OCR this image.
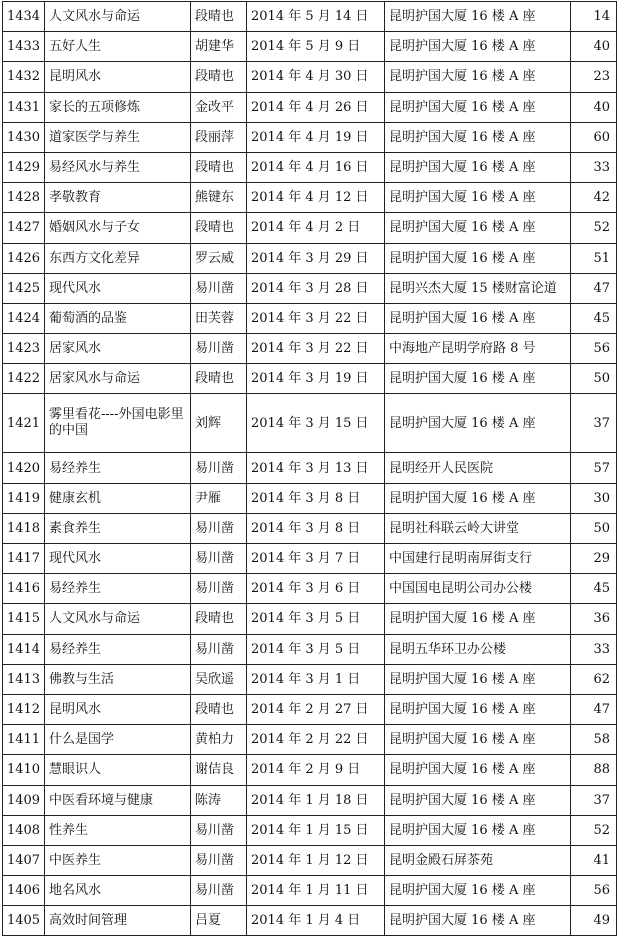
1434	人文风水与命运	段晴也	2014 年 5 月 14 日	昆明护国大厦 16 楼 A 座	14
1433	五好人生	胡建华	2014 年 5 月 9 日	昆明护国大厦 16 楼 A 座	40
1432	昆明风水	段晴也	2014 年 4 月 30 日	昆明护国大厦 16 楼 A 座	23
1431	家长的五项修炼	金改平	2014 年 4 月 26 日	昆明护国大厦 16 楼 A 座	40
1430	道家医学与养生	段丽萍	2014 年 4 月 19 日	昆明护国大厦 16 楼 A 座	60
1429	易经风水与养生	段晴也	2014 年 4 月 16 日	昆明护国大厦 16 楼 A 座	33
1428	孝敬教育	熊键东	2014 年 4 月 12 日	昆明护国大厦 16 楼 A 座	42
1427	婚姻风水与子女	段晴也	2014 年 4 月 2 日	昆明护国大厦 16 楼 A 座	52
1426	东西方文化差异	罗云威	2014 年 3 月 29 日	昆明护国大厦 16 楼 A 座	51
1425	现代风水	易川凿	2014 年 3 月 28 日	昆明兴杰大厦 15 楼财富论道	47
1424	葡萄酒的品鉴	田芙蓉	2014 年 3 月 22 日	昆明护国大厦 16 楼 A 座	45
1423	居家风水	易川凿	2014 年 3 月 22 日	中海地产昆明学府路 8 号	56
1422	居家风水与命运	段晴也	2014 年 3 月 19 日	昆明护国大厦 16 楼 A 座	50
1421	雾里看花----外国电影里的中国	刘辉	2014 年 3 月 15 日	昆明护国大厦 16 楼 A 座	37
1420	易经养生	易川凿	2014 年 3 月 13 日	昆明经开人民医院	57
1419	健康玄机	尹雁	2014 年 3 月 8 日	昆明护国大厦 16 楼 A 座	30
1418	素食养生	易川凿	2014 年 3 月 8 日	昆明社科联云岭大讲堂	50
1417	现代风水	易川凿	2014 年 3 月 7 日	中国建行昆明南屏街支行	29
1416	易经养生	易川凿	2014 年 3 月 6 日	中国国电昆明公司办公楼	45
1415	人文风水与命运	段晴也	2014 年 3 月 5 日	昆明护国大厦 16 楼 A 座	36
1414	易经养生	易川凿	2014 年 3 月 5 日	昆明五华环卫办公楼	33
1413	佛教与生活	吴欣遥	2014 年 3 月 1 日	昆明护国大厦 16 楼 A 座	62
1412	昆明风水	段晴也	2014 年 2 月 27 日	昆明护国大厦 16 楼 A 座	47
1411	什么是国学	黄柏力	2014 年 2 月 22 日	昆明护国大厦 16 楼 A 座	58
1410	慧眼识人	谢佶良	2014 年 2 月 9 日	昆明护国大厦 16 楼 A 座	88
1409	中医看环境与健康	陈涛	2014 年 1 月 18 日	昆明护国大厦 16 楼 A 座	37
1408	性养生	易川凿	2014 年 1 月 15 日	昆明护国大厦 16 楼 A 座	52
1407	中医养生	易川凿	2014 年 1 月 12 日	昆明金殿石屏茶苑	41
1406	地名风水	易川凿	2014 年 1 月 11 日	昆明护国大厦 16 楼 A 座	56
1405	高效时间管理	吕夏	2014 年 1 月 4 日	昆明护国大厦 16 楼 A 座	49
